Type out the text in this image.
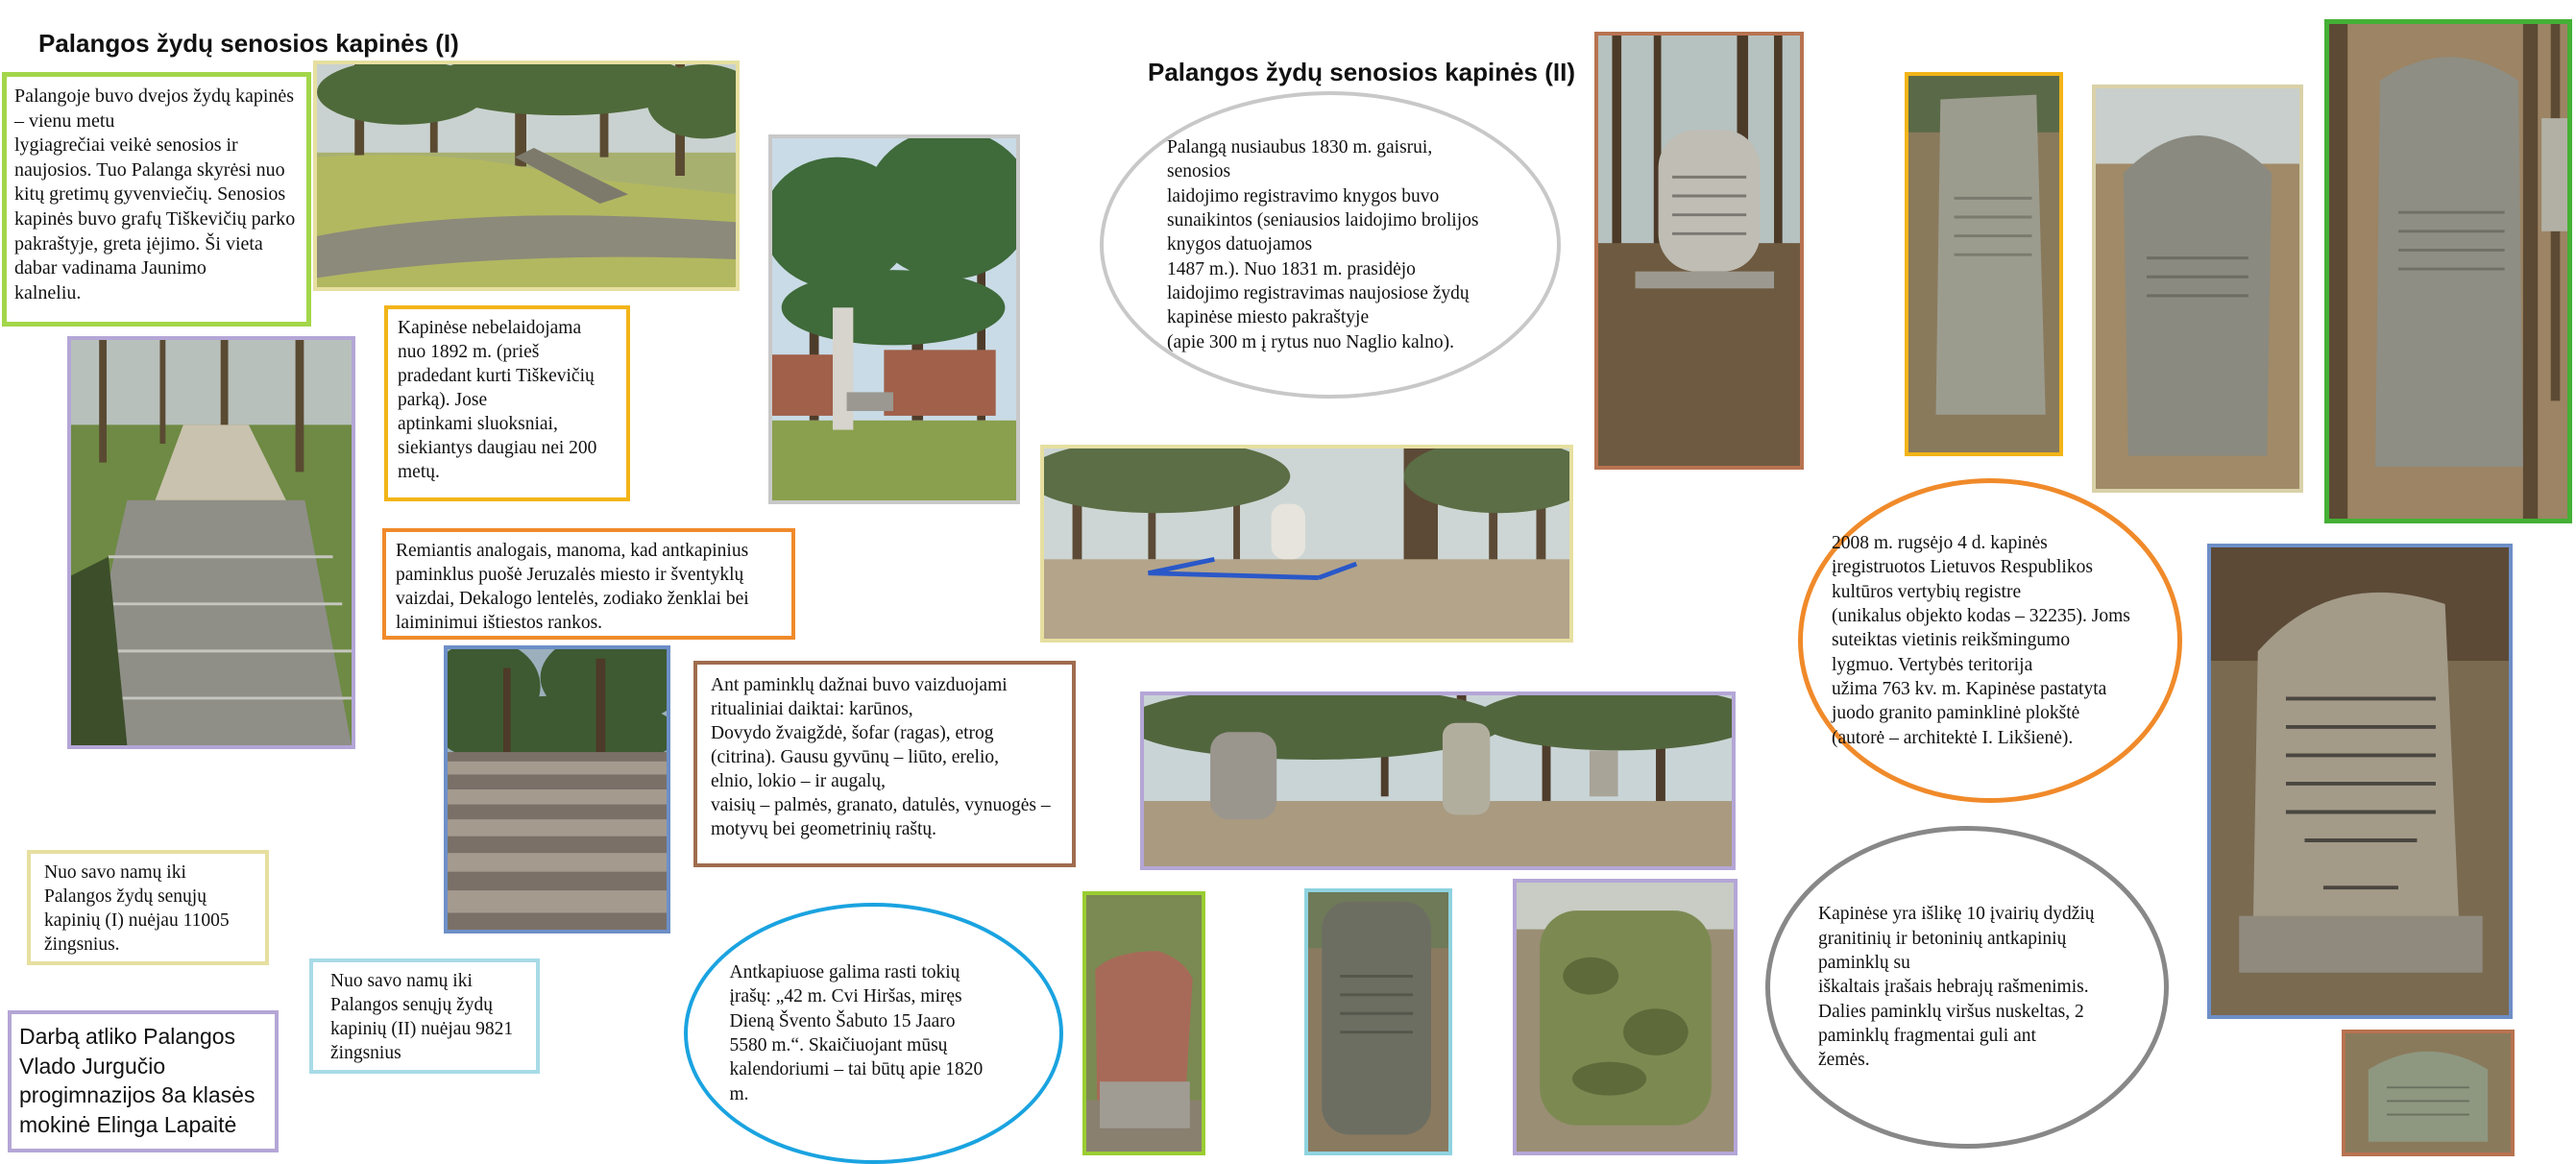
Palangos žydų senosios kapinės (I)
Palangos žydų senosios kapinės (II)
Palangoje buvo dvejos žydų kapinės – vienu metu
lygiagrečiai veikė senosios ir naujosios. Tuo Palanga skyrėsi nuo kitų gretimų gyvenviečių. Senosios kapinės buvo grafų Tiškevičių parko pakraštyje, greta įėjimo. Ši vieta dabar vadinama Jaunimo
kalneliu.
Kapinėse nebelaidojama
nuo 1892 m. (prieš
pradedant kurti Tiškevičių
parką). Jose
aptinkami sluoksniai,
siekiantys daugiau nei 200
metų.
Remiantis analogais, manoma, kad antkapinius paminklus puošė Jeruzalės miesto ir šventyklų vaizdai, Dekalogo lentelės, zodiako ženklai bei laiminimui ištiestos rankos.
Ant paminklų dažnai buvo vaizduojami ritualiniai daiktai: karūnos,
Dovydo žvaigždė, šofar (ragas), etrog (citrina). Gausu gyvūnų – liūto, erelio,
elnio, lokio – ir augalų,
vaisių – palmės, granato, datulės, vynuogės – motyvų bei geometrinių raštų.
Nuo savo namų iki
Palangos žydų senųjų
kapinių (I) nuėjau 11005
žingsnius.
Nuo savo namų iki
Palangos senųjų žydų
kapinių (II) nuėjau 9821
žingsnius
Darbą atliko Palangos
Vlado Jurgučio
progimnazijos 8a klasės
mokinė Elinga Lapaitė
Palangą nusiaubus 1830 m. gaisrui,
senosios
laidojimo registravimo knygos buvo
sunaikintos (seniausios laidojimo brolijos
knygos datuojamos
1487 m.). Nuo 1831 m. prasidėjo
laidojimo registravimas naujosiose žydų
kapinėse miesto pakraštyje
(apie 300 m į rytus nuo Naglio kalno).
Antkapiuose galima rasti tokių
įrašų: „42 m. Cvi Hiršas, miręs
Dieną Švento Šabuto 15 Jaaro
5580 m.“. Skaičiuojant mūsų
kalendoriumi – tai būtų apie 1820
m.
2008 m. rugsėjo 4 d. kapinės
įregistruotos Lietuvos Respublikos
kultūros vertybių registre
(unikalus objekto kodas – 32235). Joms
suteiktas vietinis reikšmingumo
lygmuo. Vertybės teritorija
užima 763 kv. m. Kapinėse pastatyta
juodo granito paminklinė plokštė
(autorė – architektė I. Likšienė).
Kapinėse yra išlikę 10 įvairių dydžių
granitinių ir betoninių antkapinių
paminklų su
iškaltais įrašais hebrajų rašmenimis.
Dalies paminklų viršus nuskeltas, 2
paminklų fragmentai guli ant
žemės.
